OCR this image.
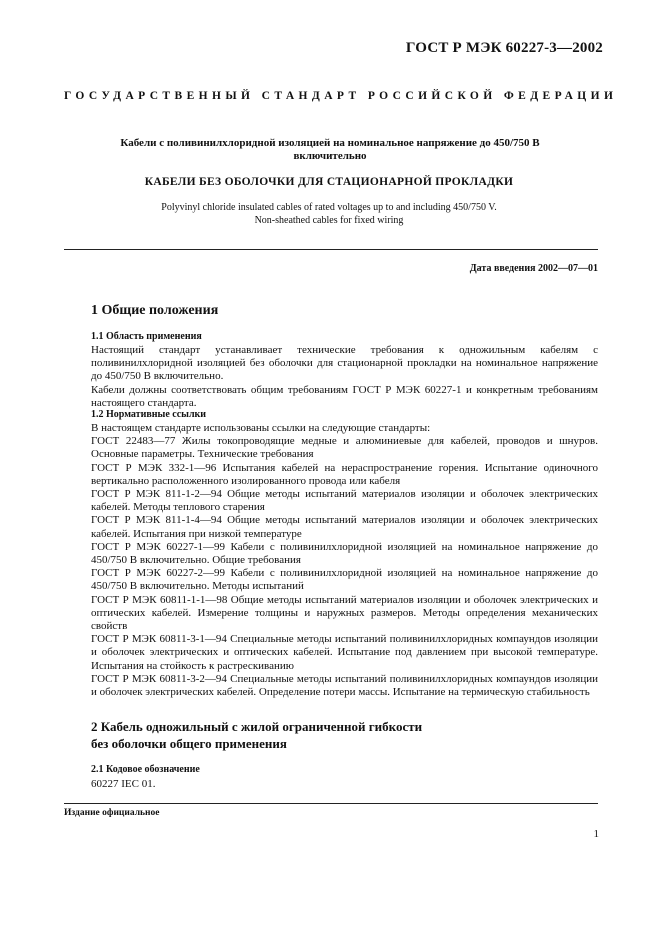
ГОСТ Р МЭК 60227-3—2002
ГОСУДАРСТВЕННЫЙ СТАНДАРТ РОССИЙСКОЙ ФЕДЕРАЦИИ
Кабели с поливинилхлоридной изоляцией на номинальное напряжение до 450/750 В
включительно
КАБЕЛИ БЕЗ ОБОЛОЧКИ ДЛЯ СТАЦИОНАРНОЙ ПРОКЛАДКИ
Polyvinyl chloride insulated cables of rated voltages up to and including 450/750 V.
Non-sheathed cables for fixed wiring
Дата введения 2002—07—01
1 Общие положения
1.1 Область применения

Настоящий стандарт устанавливает технические требования к одножильным кабелям с поливинилхлоридной изоляцией без оболочки для стационарной прокладки на номинальное напряжение до 450/750 В включительно.

Кабели должны соответствовать общим требованиям ГОСТ Р МЭК 60227-1 и конкретным требованиям настоящего стандарта.

1.2 Нормативные ссылки

В настоящем стандарте использованы ссылки на следующие стандарты:

ГОСТ 22483—77 Жилы токопроводящие медные и алюминиевые для кабелей, проводов и шнуров. Основные параметры. Технические требования

ГОСТ Р МЭК 332-1—96 Испытания кабелей на нераспространение горения. Испытание одиночного вертикально расположенного изолированного провода или кабеля

ГОСТ Р МЭК 811-1-2—94 Общие методы испытаний материалов изоляции и оболочек электрических кабелей. Методы теплового старения

ГОСТ Р МЭК 811-1-4—94 Общие методы испытаний материалов изоляции и оболочек электрических кабелей. Испытания при низкой температуре

ГОСТ Р МЭК 60227-1—99 Кабели с поливинилхлоридной изоляцией на номинальное напряжение до 450/750 В включительно. Общие требования

ГОСТ Р МЭК 60227-2—99 Кабели с поливинилхлоридной изоляцией на номинальное напряжение до 450/750 В включительно. Методы испытаний

ГОСТ Р МЭК 60811-1-1—98 Общие методы испытаний материалов изоляции и оболочек электрических и оптических кабелей. Измерение толщины и наружных размеров. Методы определения механических свойств

ГОСТ Р МЭК 60811-3-1—94 Специальные методы испытаний поливинилхлоридных компаундов изоляции и оболочек электрических и оптических кабелей. Испытание под давлением при высокой температуре. Испытания на стойкость к растрескиванию

ГОСТ Р МЭК 60811-3-2—94 Специальные методы испытаний поливинилхлоридных компаундов изоляции и оболочек электрических кабелей. Определение потери массы. Испытание на термическую стабильность

2 Кабель одножильный с жилой ограниченной гибкости
без оболочки общего применения
2.1 Кодовое обозначение
60227 IEC 01.
Издание официальное
1
